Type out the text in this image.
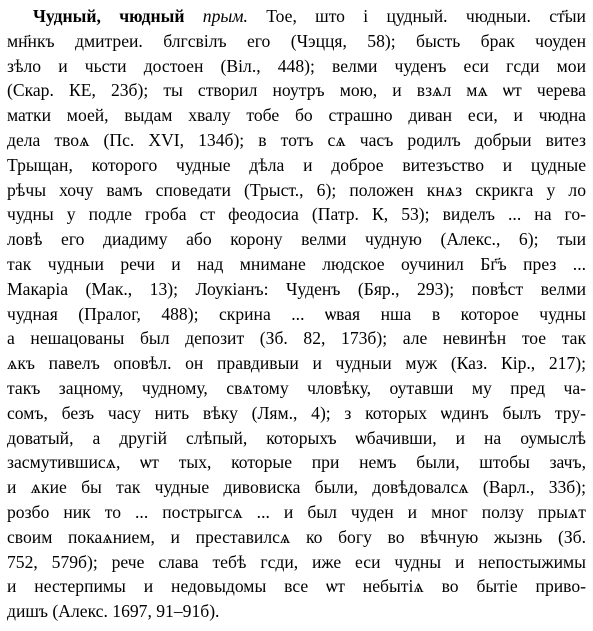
Чудный, чюдный прым. Тое, што і цудный. чюдныи. ст҃ыи
мн҃нкъ дмитреи. блгсвілъ его (Чэцця, 58); бысть брак чоуден
зѣло и чьсти достоен (Віл., 448); велми чуденъ еси гсди мои
(Скар. КЕ, 23б); ты створил ноутръ мою, и взѧл мѧ ѡт черева
матки моей, выдам хвалу тобе бо страшно диван еси, и чюдна
дела твоѧ (Пс. XVI, 134б); в тотъ сѧ часъ родилъ добрыи витез
Трыщан, которого чудные дѣла и доброе витезъство и цудные
рѣчы хочу вамъ споведати (Трыст., 6); положен кнѧз скрикга у ло
чудны у подле гроба ст феодосиа (Патр. К, 53); виделъ ... на го-
ловѣ его диадиму або корону велми чудную (Алекс., 6); тыи
так чудныи речи и над мниманe людское оучинил Бг҃ъ през ...
Макаріа (Мак., 13); Лоукіанъ: Чуденъ (Бяр., 293); повѣст велми
чудная (Пралог, 488); скрина ... ѡвая нша в которое чудны
а нешацованы был депозит (Зб. 82, 173б); але невинѣн тое так
ѧкъ павелъ оповѣл. он правдивыи и чудныи муж (Каз. Кір., 217);
такъ зацному, чудному, свѧтому чловѣку, оутавши му пред ча-
сомъ, безъ часу нить вѣку (Лям., 4); з которых ѡдинъ былъ тру-
доватый, а другій слѣпый, которыхъ ѡбачивши, и на оумыслѣ
засмутившисѧ, ѡт тых, которые при немъ были, штобы зачъ,
и ѧкие бы так чудные дивовиска были, довѣдовалсѧ (Варл., 33б);
розбо ник то ... пострыгсѧ ... и был чуден и мног ползу прыѧт
своим покаѧнием, и преставилсѧ ко богу во вѣчную жызнь (Зб.
752, 579б); рече слава тебѣ гсди, иже еси чудны и непостыжимы
и нестерпимы и недовыдомы все ѡт небытіѧ во бытіе приво-
дишъ (Алекс. 1697, 91–91б).
